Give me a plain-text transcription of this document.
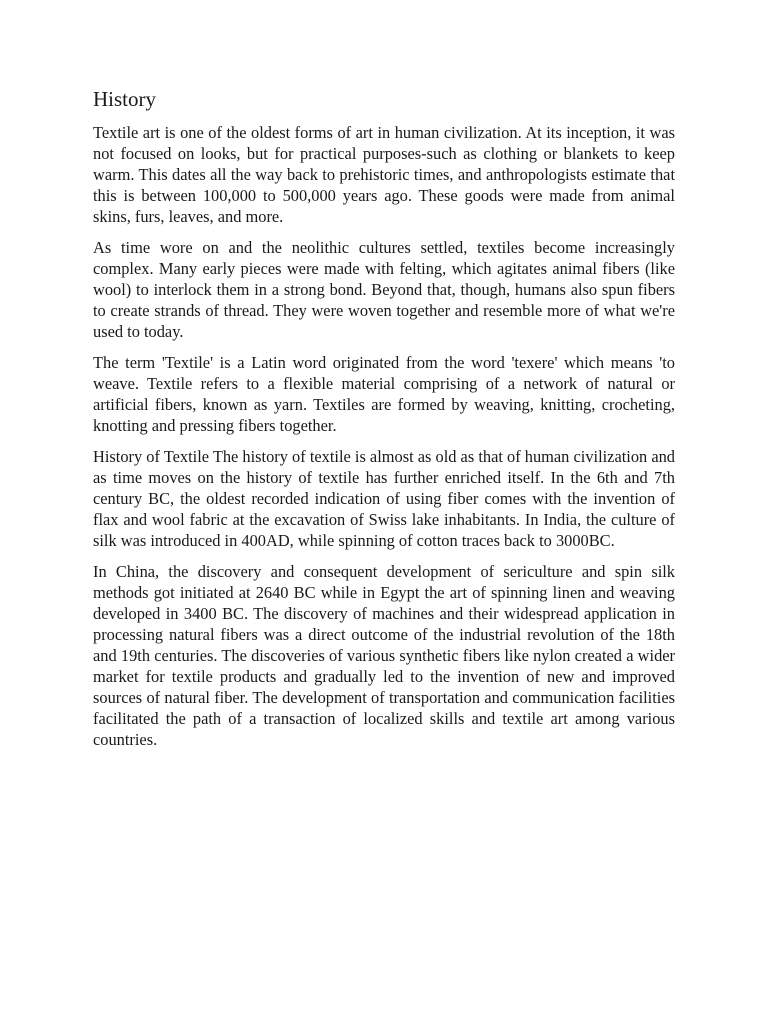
History

Textile art is one of the oldest forms of art in human civilization. At its inception, it was not focused on looks, but for practical purposes-such as clothing or blankets to keep warm. This dates all the way back to prehistoric times, and anthropologists estimate that this is between 100,000 to 500,000 years ago. These goods were made from animal skins, furs, leaves, and more.

As time wore on and the neolithic cultures settled, textiles become increasingly complex. Many early pieces were made with felting, which agitates animal fibers (like wool) to interlock them in a strong bond. Beyond that, though, humans also spun fibers to create strands of thread. They were woven together and resemble more of what we're used to today.

The term 'Textile' is a Latin word originated from the word 'texere' which means 'to weave. Textile refers to a flexible material comprising of a network of natural or artificial fibers, known as yarn. Textiles are formed by weaving, knitting, crocheting, knotting and pressing fibers together.

History of Textile The history of textile is almost as old as that of human civilization and as time moves on the history of textile has further enriched itself. In the 6th and 7th century BC, the oldest recorded indication of using fiber comes with the invention of flax and wool fabric at the excavation of Swiss lake inhabitants. In India, the culture of silk was introduced in 400AD, while spinning of cotton traces back to 3000BC.

In China, the discovery and consequent development of sericulture and spin silk methods got initiated at 2640 BC while in Egypt the art of spinning linen and weaving developed in 3400 BC. The discovery of machines and their widespread application in processing natural fibers was a direct outcome of the industrial revolution of the 18th and 19th centuries. The discoveries of various synthetic fibers like nylon created a wider market for textile products and gradually led to the invention of new and improved sources of natural fiber. The development of transportation and communication facilities facilitated the path of a transaction of localized skills and textile art among various countries.
